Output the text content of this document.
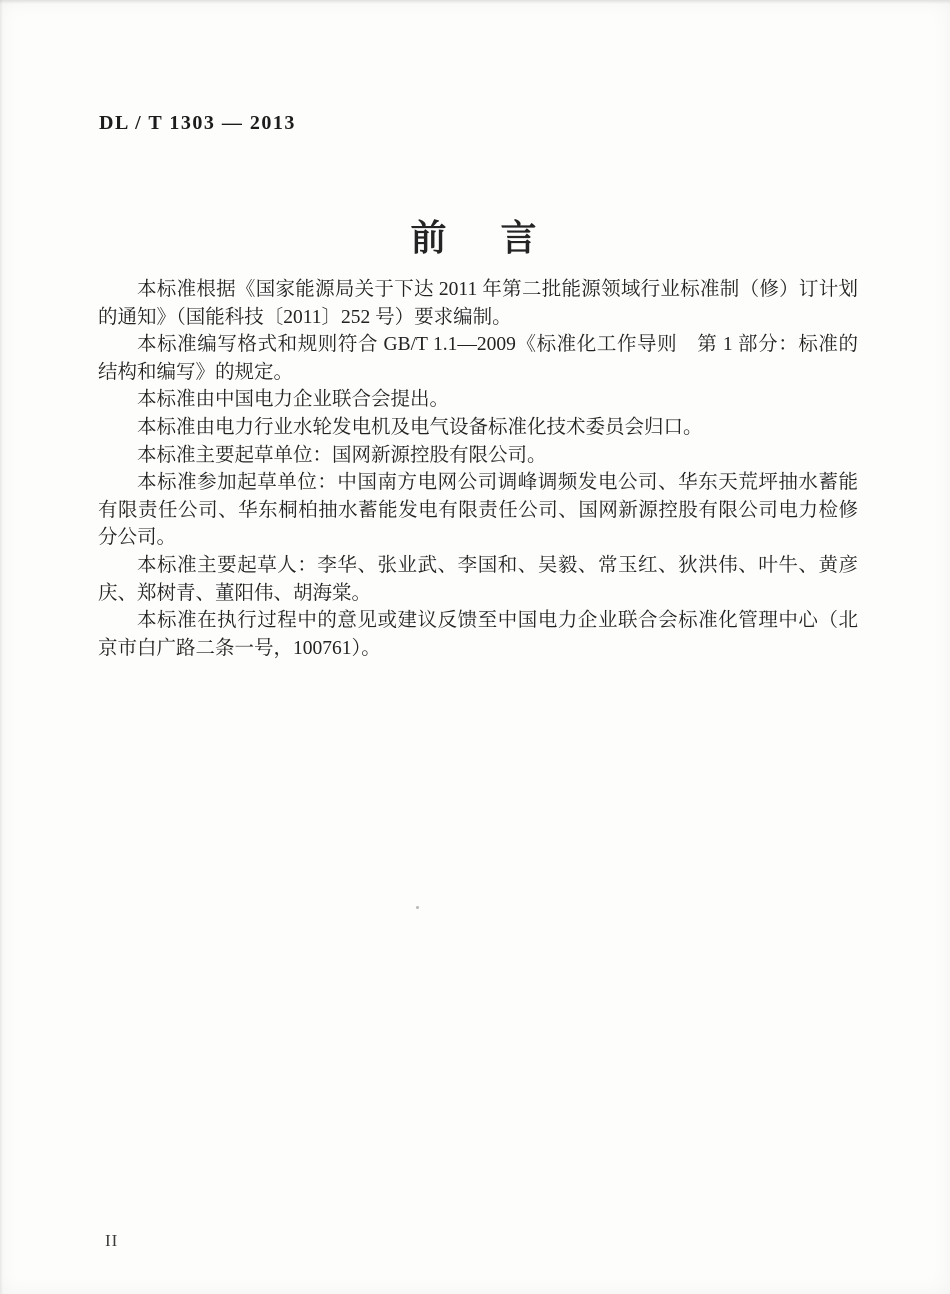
DL / T 1303 — 2013
前　言

本标准根据《国家能源局关于下达 2011 年第二批能源领域行业标准制（修）订计划的通知》（国能科技〔2011〕252 号）要求编制。

本标准编写格式和规则符合 GB/T 1.1—2009《标准化工作导则　第 1 部分：标准的结构和编写》的规定。

本标准由中国电力企业联合会提出。

本标准由电力行业水轮发电机及电气设备标准化技术委员会归口。

本标准主要起草单位：国网新源控股有限公司。

本标准参加起草单位：中国南方电网公司调峰调频发电公司、华东天荒坪抽水蓄能有限责任公司、华东桐柏抽水蓄能发电有限责任公司、国网新源控股有限公司电力检修分公司。

本标准主要起草人：李华、张业武、李国和、吴毅、常玉红、狄洪伟、叶牛、黄彦庆、郑树青、董阳伟、胡海棠。

本标准在执行过程中的意见或建议反馈至中国电力企业联合会标准化管理中心（北京市白广路二条一号，100761）。

II
